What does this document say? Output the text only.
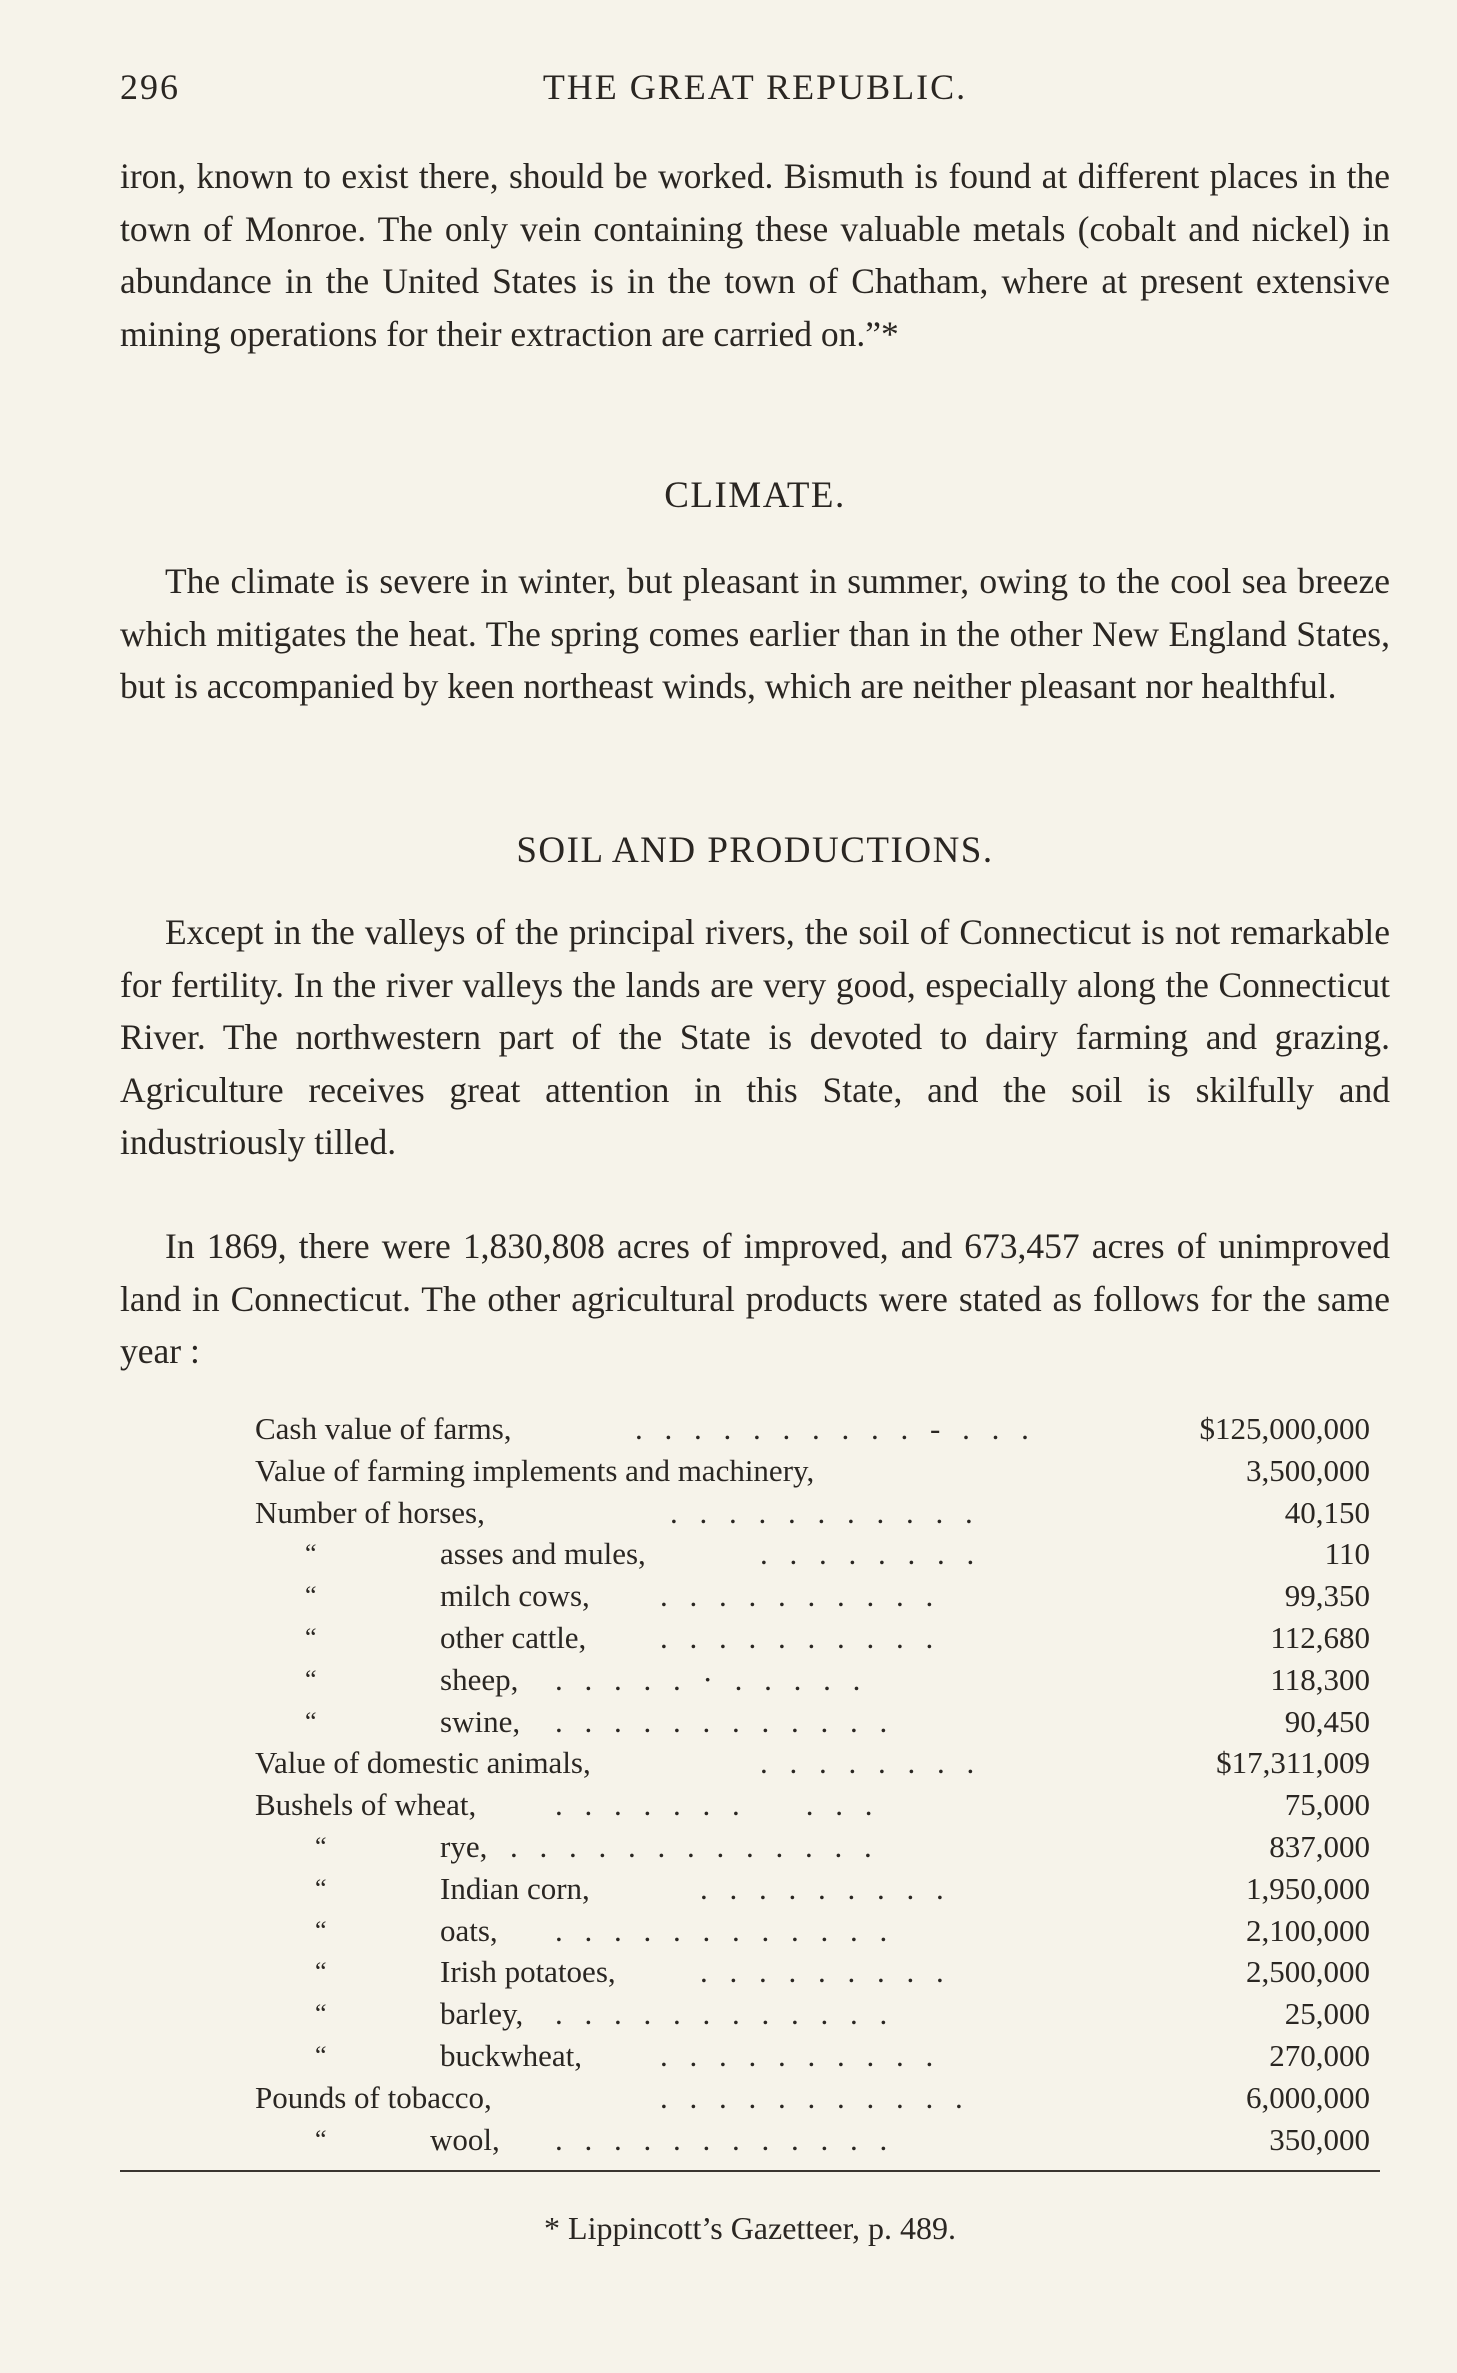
296	THE GREAT REPUBLIC.
iron, known to exist there, should be worked. Bismuth is found at different places in the town of Monroe. The only vein containing these valuable metals (cobalt and nickel) in abundance in the United States is in the town of Chatham, where at present extensive mining operations for their extraction are carried on.”*
CLIMATE.
The climate is severe in winter, but pleasant in summer, owing to the cool sea breeze which mitigates the heat. The spring comes earlier than in the other New England States, but is accompanied by keen northeast winds, which are neither pleasant nor healthful.
SOIL AND PRODUCTIONS.
Except in the valleys of the principal rivers, the soil of Connecticut is not remarkable for fertility. In the river valleys the lands are very good, especially along the Connecticut River. The northwestern part of the State is devoted to dairy farming and grazing. Agriculture receives great attention in this State, and the soil is skilfully and industriously tilled.
In 1869, there were 1,830,808 acres of improved, and 673,457 acres of unimproved land in Connecticut. The other agricultural products were stated as follows for the same year :
Cash value of farms,	. . . . . . . . . . - . . .	$125,000,000
Value of farming implements and machinery,	3,500,000
Number of horses,	. . . . . . . . . . .	40,150
“	asses and mules,	. . . . . . . .	110
“	milch cows, . . . . . . . . . .	99,350
“	other cattle, . . . . . . . . . .	112,680
“	sheep, . . . . . · . . . . .	118,300
“	swine, . . . . . . . . . . . .	90,450
Value of domestic animals,	. . . . . . . .	$17,311,009
Bushels of wheat,	. . . . . . .    . . .	75,000
“	rye, . . . . . . . . . . . . .	837,000
“	Indian corn,	. . . . . . . . .	1,950,000
“	oats, . . . . . . . . . . . .	2,100,000
“	Irish potatoes,	. . . . . . . . .	2,500,000
“	barley, . . . . . . . . . . . .	25,000
“	buckwheat,	. . . . . . . . . .	270,000
Pounds of tobacco,	. . . . . . . . . . .	6,000,000
“	wool, . . . . . . . . . . . .	350,000
* Lippincott’s Gazetteer, p. 489.
